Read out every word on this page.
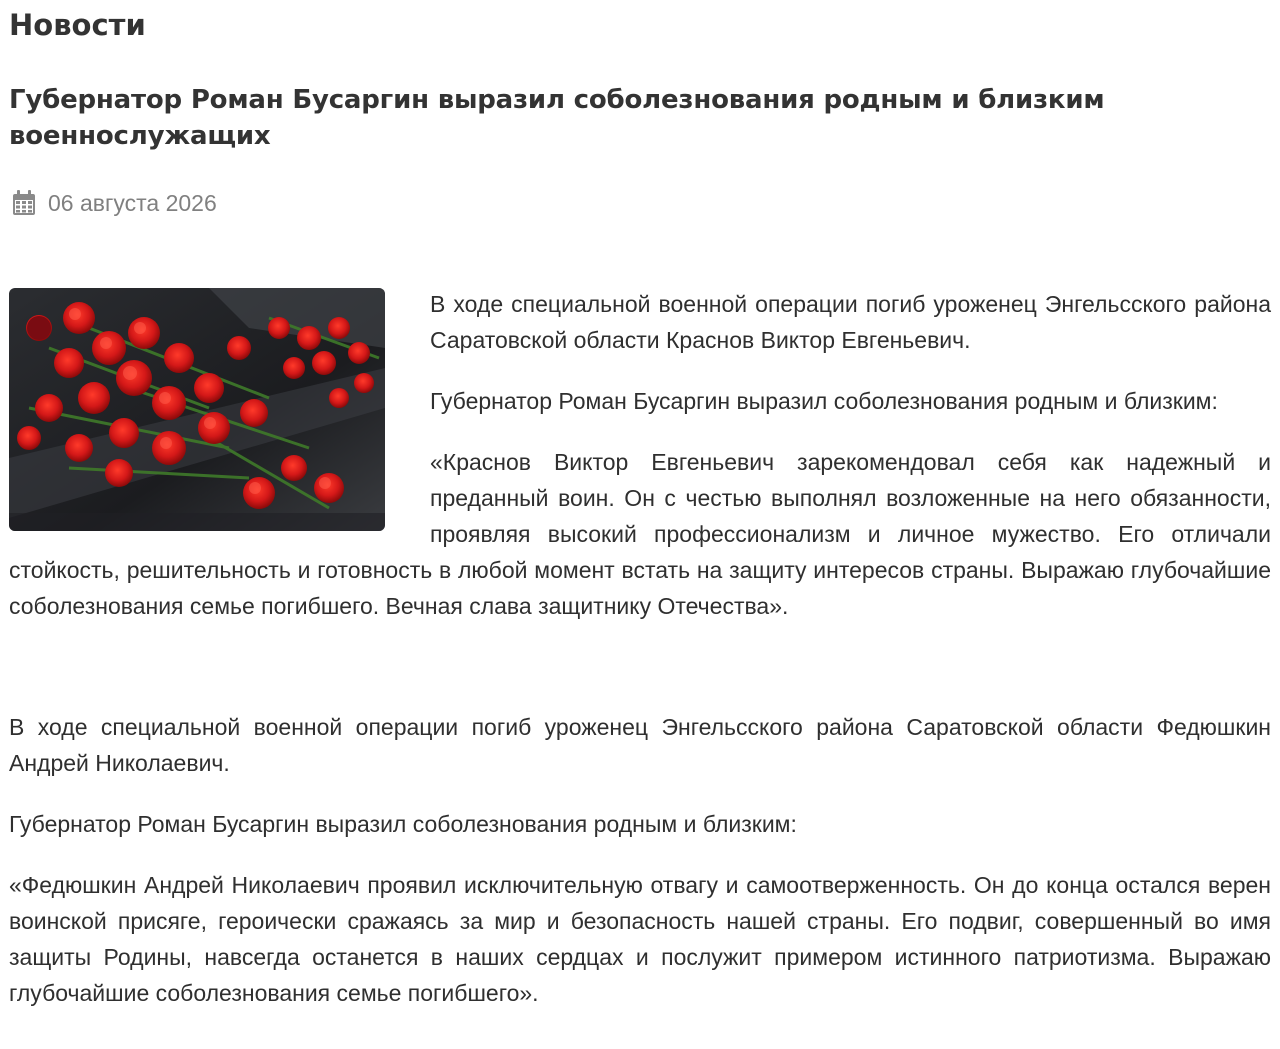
Новости
Губернатор Роман Бусаргин выразил соболезнования родным и близким военнослужащих
06 августа 2026

В ходе специальной военной операции погиб уроженец Энгельсского района Саратовской области Краснов Виктор Евгеньевич.

Губернатор Роман Бусаргин выразил соболезнования родным и близким:

«Краснов Виктор Евгеньевич зарекомендовал себя как надежный и преданный воин. Он с честью выполнял возложенные на него обязанности, проявляя высокий профессионализм и личное мужество. Его отличали стойкость, решительность и готовность в любой момент встать на защиту интересов страны. Выражаю глубочайшие соболезнования семье погибшего. Вечная слава защитнику Отечества».

В ходе специальной военной операции погиб уроженец Энгельсского района Саратовской области Федюшкин Андрей Николаевич.

Губернатор Роман Бусаргин выразил соболезнования родным и близким:

«Федюшкин Андрей Николаевич проявил исключительную отвагу и самоотверженность. Он до конца остался верен воинской присяге, героически сражаясь за мир и безопасность нашей страны. Его подвиг, совершенный во имя защиты Родины, навсегда останется в наших сердцах и послужит примером истинного патриотизма. Выражаю глубочайшие соболезнования семье погибшего».
